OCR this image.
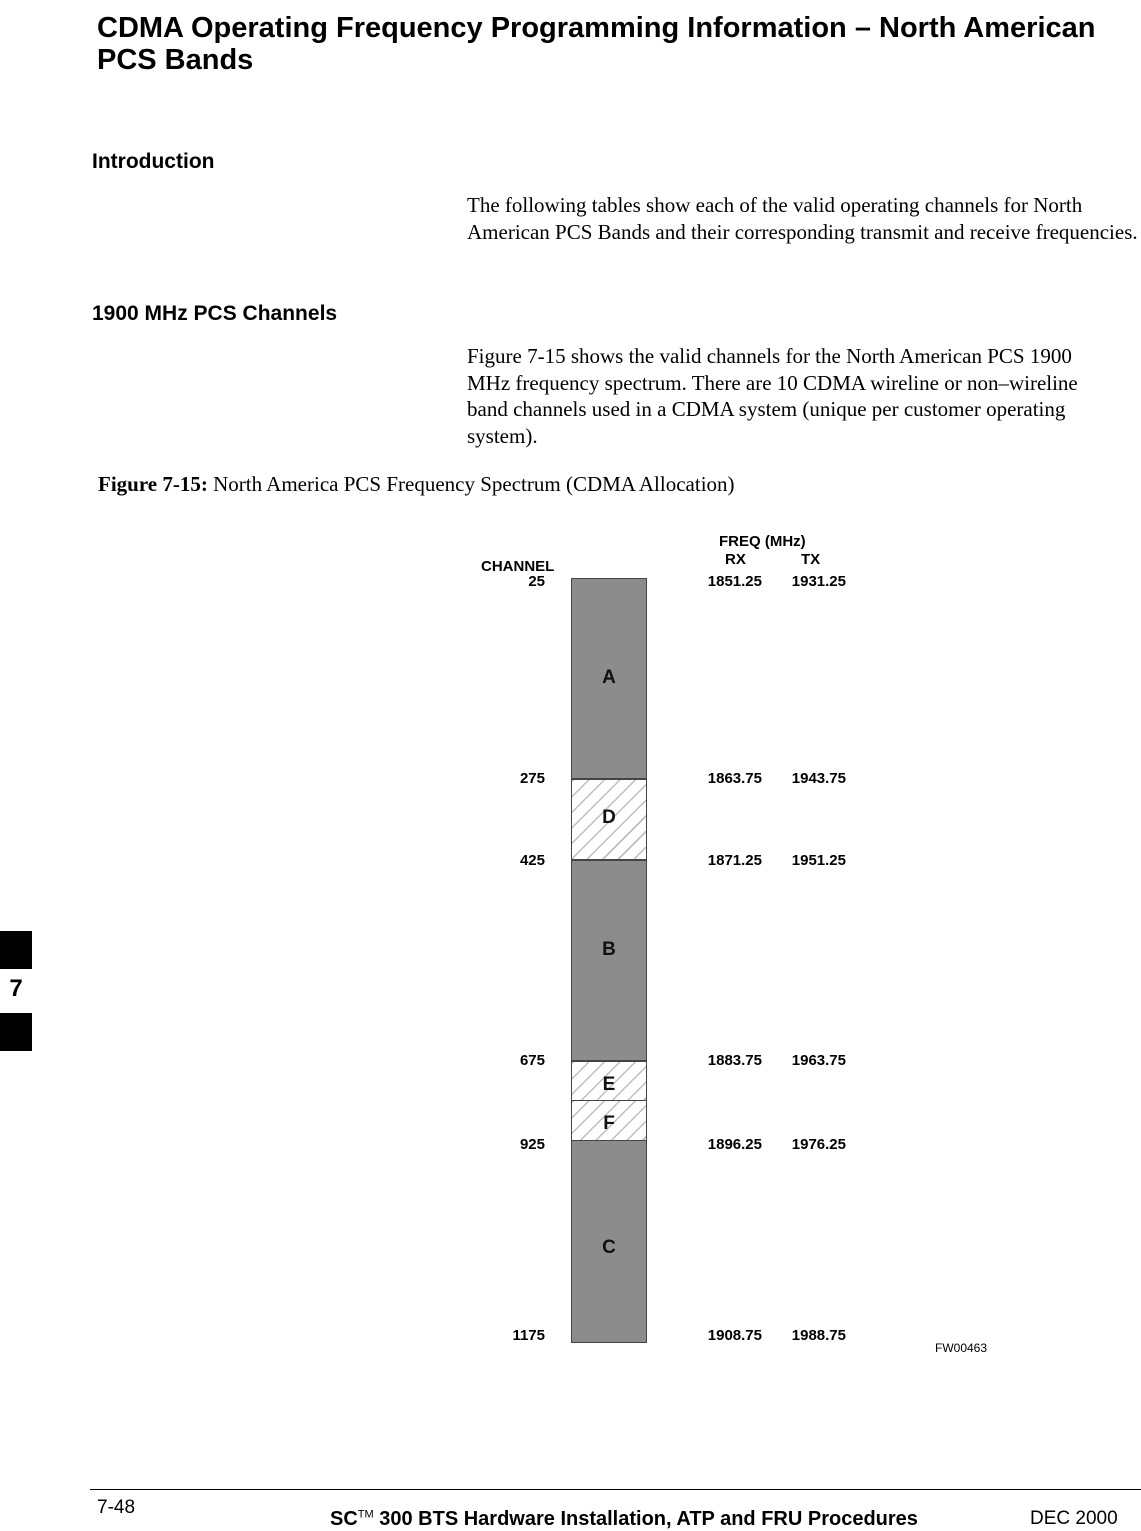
CDMA Operating Frequency Programming Information – North American PCS Bands
Introduction

The following tables show each of the valid operating channels for North American PCS Bands and their corresponding transmit and receive frequencies.

1900 MHz PCS Channels

Figure 7-15 shows the valid channels for the North American PCS 1900 MHz frequency spectrum. There are 10 CDMA wireline or non–wireline band channels used in a CDMA system (unique per customer operating system).

Figure 7-15: North America PCS Frequency Spectrum (CDMA Allocation)
FREQ (MHz)
CHANNEL	RX	TX
25	1851.25	1931.25
275	1863.75	1943.75
425	1871.25	1951.25
675	1883.75	1963.75
925	1896.25	1976.25
1175	1908.75	1988.75
A
D
B
E
F
C
FW00463
7
7-48
SC™ 300 BTS Hardware Installation, ATP and FRU Procedures	DEC 2000
